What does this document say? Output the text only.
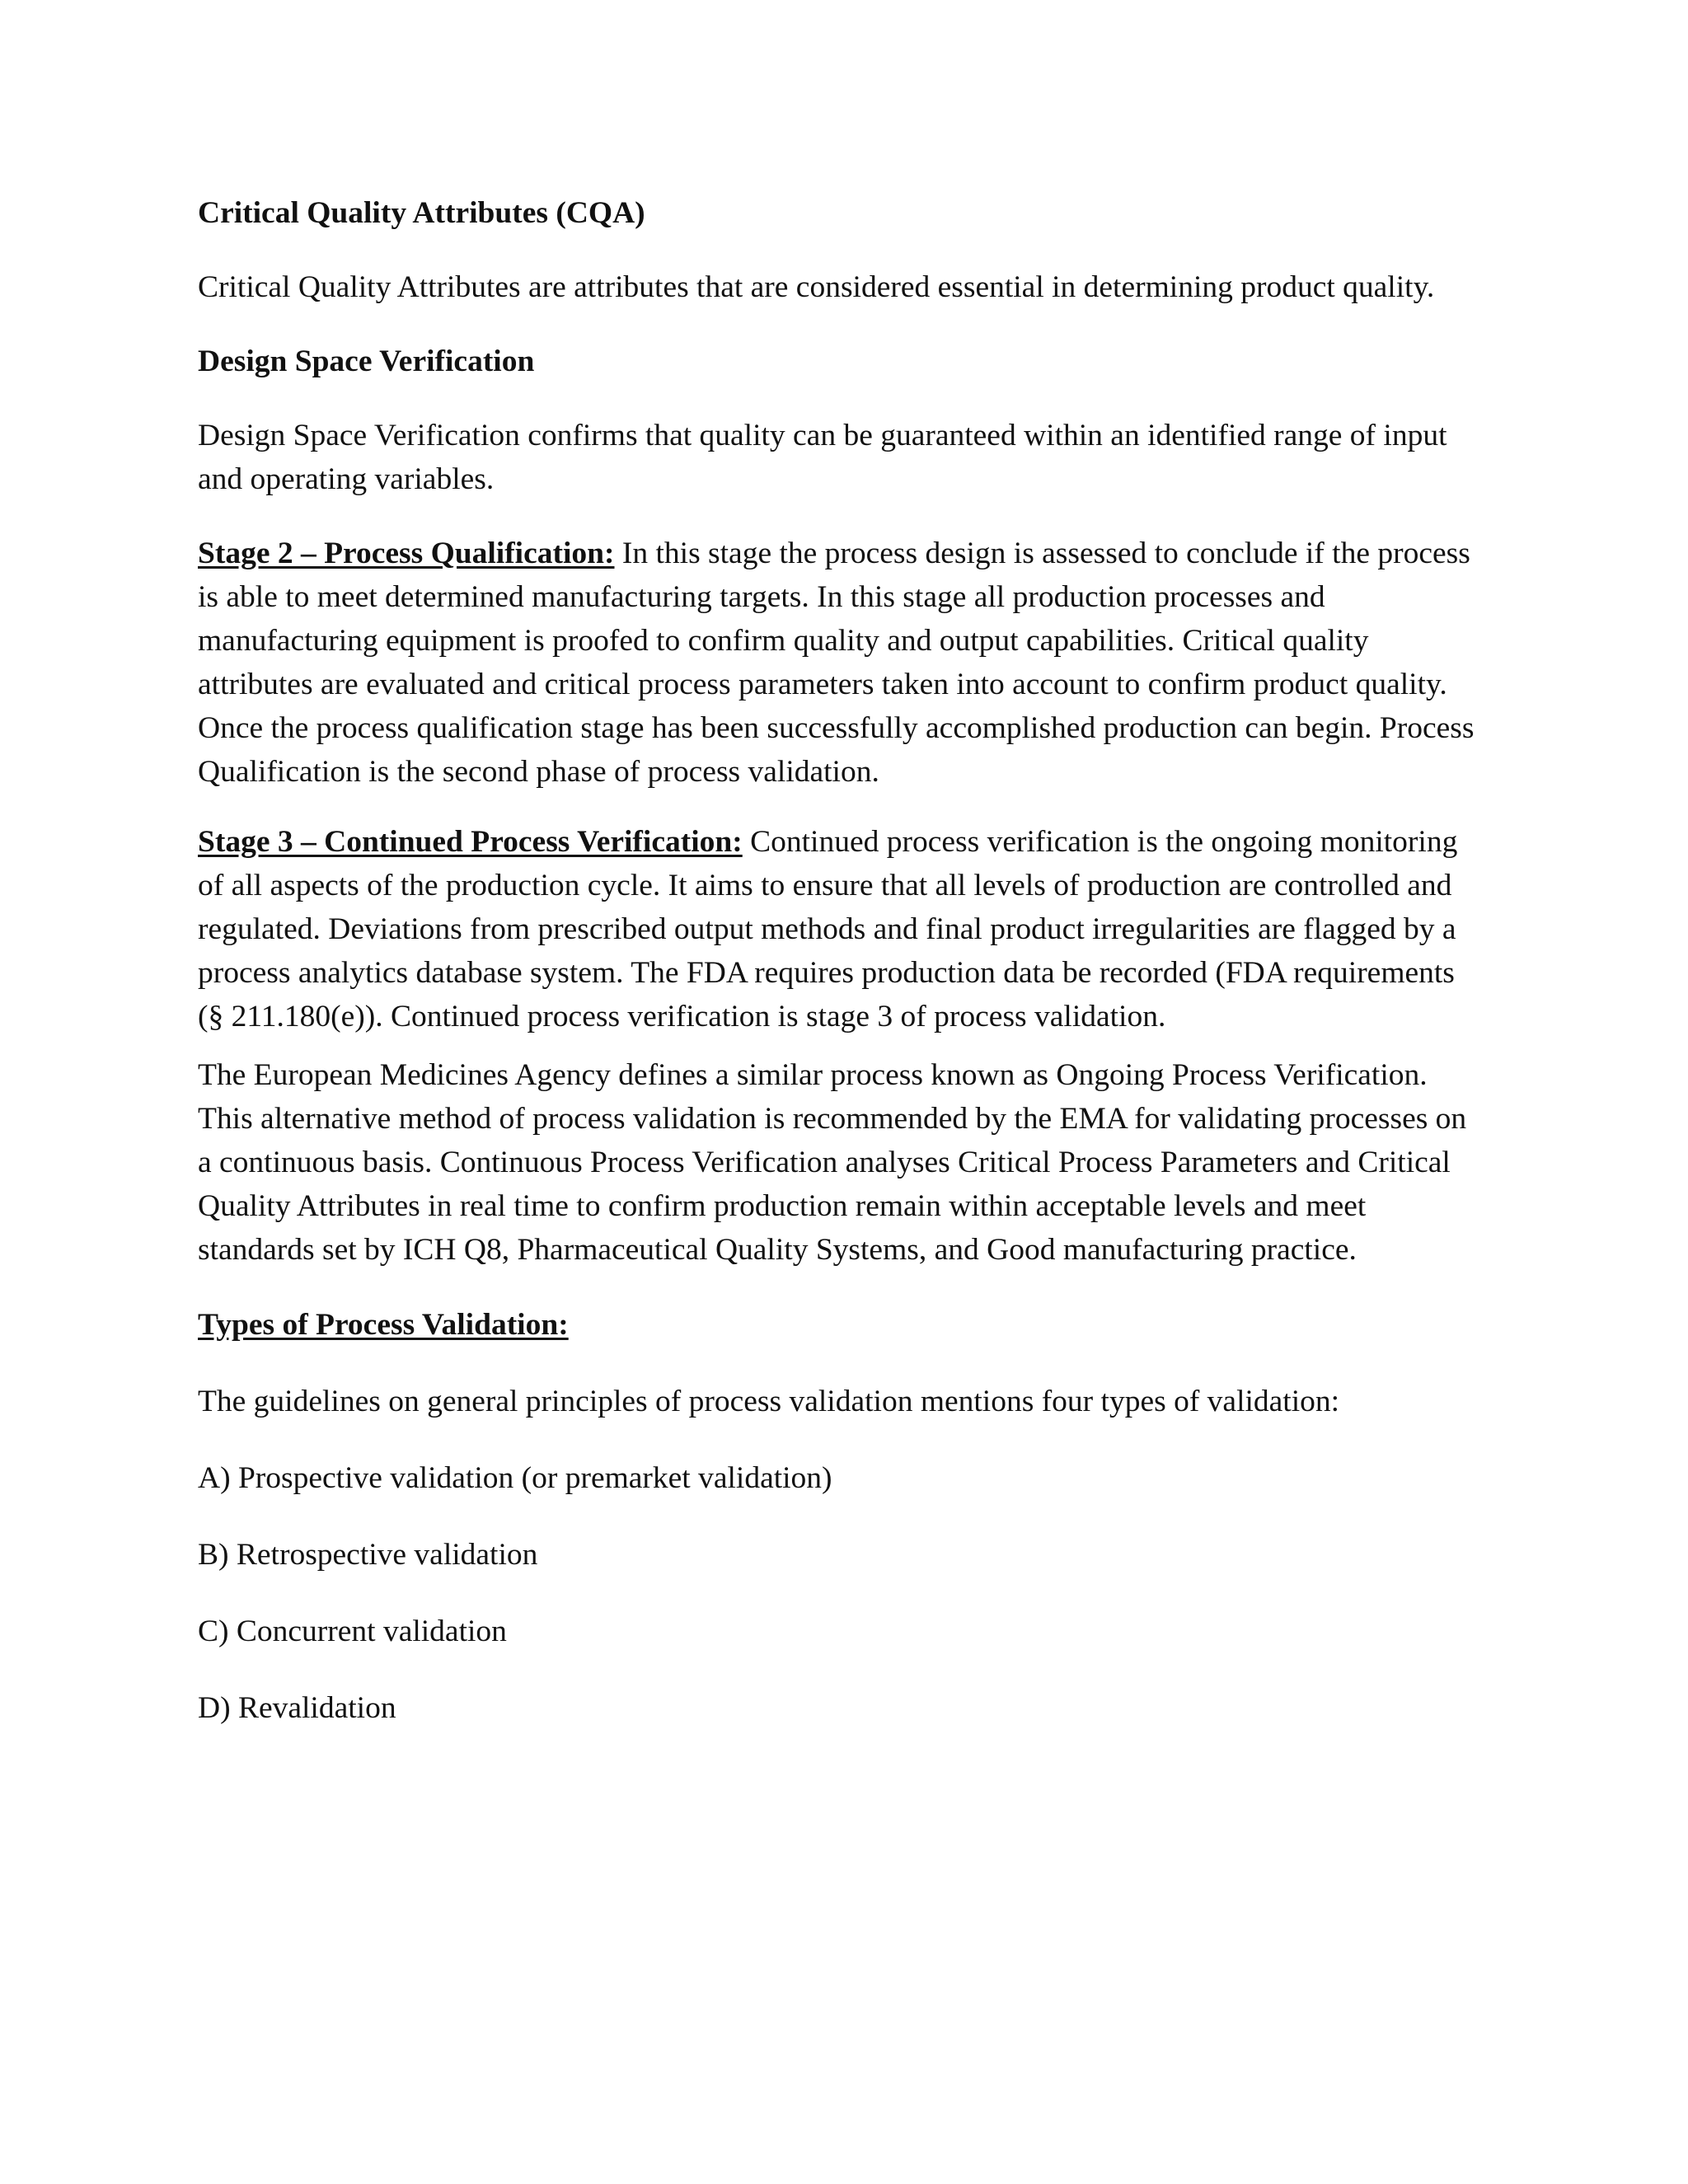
Critical Quality Attributes (CQA)

Critical Quality Attributes are attributes that are considered essential in determining product quality.

Design Space Verification

Design Space Verification confirms that quality can be guaranteed within an identified range of input and operating variables.

Stage 2 – Process Qualification: In this stage the process design is assessed to conclude if the process is able to meet determined manufacturing targets. In this stage all production processes and manufacturing equipment is proofed to confirm quality and output capabilities. Critical quality attributes are evaluated and critical process parameters taken into account to confirm product quality. Once the process qualification stage has been successfully accomplished production can begin. Process Qualification is the second phase of process validation.

Stage 3 – Continued Process Verification: Continued process verification is the ongoing monitoring of all aspects of the production cycle. It aims to ensure that all levels of production are controlled and regulated. Deviations from prescribed output methods and final product irregularities are flagged by a process analytics database system. The FDA requires production data be recorded (FDA requirements (§ 211.180(e)). Continued process verification is stage 3 of process validation.

The European Medicines Agency defines a similar process known as Ongoing Process Verification. This alternative method of process validation is recommended by the EMA for validating processes on a continuous basis. Continuous Process Verification analyses Critical Process Parameters and Critical Quality Attributes in real time to confirm production remain within acceptable levels and meet standards set by ICH Q8, Pharmaceutical Quality Systems, and Good manufacturing practice.

Types of Process Validation:

The guidelines on general principles of process validation mentions four types of validation:

A) Prospective validation (or premarket validation)

B) Retrospective validation

C) Concurrent validation

D) Revalidation
